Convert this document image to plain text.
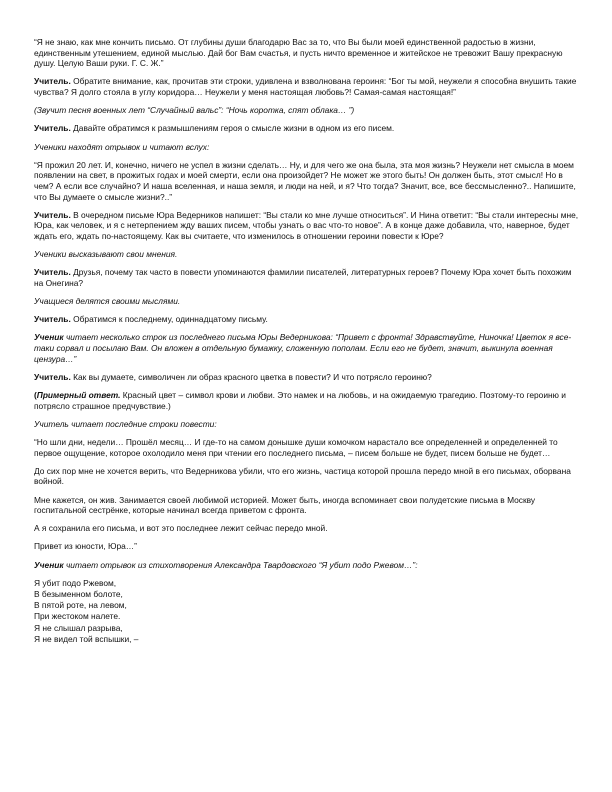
“Я не знаю, как мне кончить письмо. От глубины души благодарю Вас за то, что Вы были моей единственной радостью в жизни, единственным утешением, единой мыслью. Дай бог Вам счастья, и пусть ничто временное и житейское не тревожит Вашу прекрасную душу. Целую Ваши руки. Г. С. Ж.”

Учитель. Обратите внимание, как, прочитав эти строки, удивлена и взволнована героиня: “Бог ты мой, неужели я способна внушить такие чувства? Я долго стояла в углу коридора… Неужели у меня настоящая любовь?! Самая-самая настоящая!”

(Звучит песня военных лет “Случайный вальс”: “Ночь коротка, спят облака… ”)

Учитель. Давайте обратимся к размышлениям героя о смысле жизни в одном из его писем.

Ученики находят отрывок и читают вслух:

“Я прожил 20 лет. И, конечно, ничего не успел в жизни сделать… Ну, и для чего же она была, эта моя жизнь? Неужели нет смысла в моем появлении на свет, в прожитых годах и моей смерти, если она произойдет? Не может же этого быть! Он должен быть, этот смысл! Но в чем? А если все случайно? И наша вселенная, и наша земля, и люди на ней, и я? Что тогда? Значит, все, все бессмысленно?.. Напишите, что Вы думаете о смысле жизни?..”

Учитель. В очередном письме Юра Ведерников напишет: “Вы стали ко мне лучше относиться”. И Нина ответит: “Вы стали интересны мне, Юра, как человек, и я с нетерпением жду ваших писем, чтобы узнать о вас что-то новое”. А в конце даже добавила, что, наверное, будет ждать его, ждать по-настоящему. Как вы считаете, что изменилось в отношении героини повести к Юре?

Ученики высказывают свои мнения.

Учитель. Друзья, почему так часто в повести упоминаются фамилии писателей, литературных героев? Почему Юра хочет быть похожим на Онегина?

Учащиеся делятся своими мыслями.

Учитель. Обратимся к последнему, одиннадцатому письму.

Ученик читает несколько строк из последнего письма Юры Ведерникова: “Привет с фронта! Здравствуйте, Ниночка! Цветок я все-таки сорвал и посылаю Вам. Он вложен в отдельную бумажку, сложенную пополам. Если его не будет, значит, выкинула военная цензура…”

Учитель. Как вы думаете, символичен ли образ красного цветка в повести? И что потрясло героиню?

(Примерный ответ. Красный цвет – символ крови и любви. Это намек и на любовь, и на ожидаемую трагедию. Поэтому-то героиню и потрясло страшное предчувствие.)

Учитель читает последние строки повести:

“Но шли дни, недели… Прошёл месяц… И где-то на самом донышке души комочком нарастало все определенней и определенней то первое ощущение, которое охолодило меня при чтении его последнего письма, – писем больше не будет, писем больше не будет…

До сих пор мне не хочется верить, что Ведерникова убили, что его жизнь, частица которой прошла передо мной в его письмах, оборвана войной.

Мне кажется, он жив. Занимается своей любимой историей. Может быть, иногда вспоминает свои полудетские письма в Москву госпитальной сестрёнке, которые начинал всегда приветом с фронта.

А я сохранила его письма, и вот это последнее лежит сейчас передо мной.

Привет из юности, Юра…”

Ученик читает отрывок из стихотворения Александра Твардовского “Я убит подо Ржевом…”:

Я убит подо Ржевом,
В безыменном болоте,
В пятой роте, на левом,
При жестоком налете.
Я не слышал разрыва,
Я не видел той вспышки, –
